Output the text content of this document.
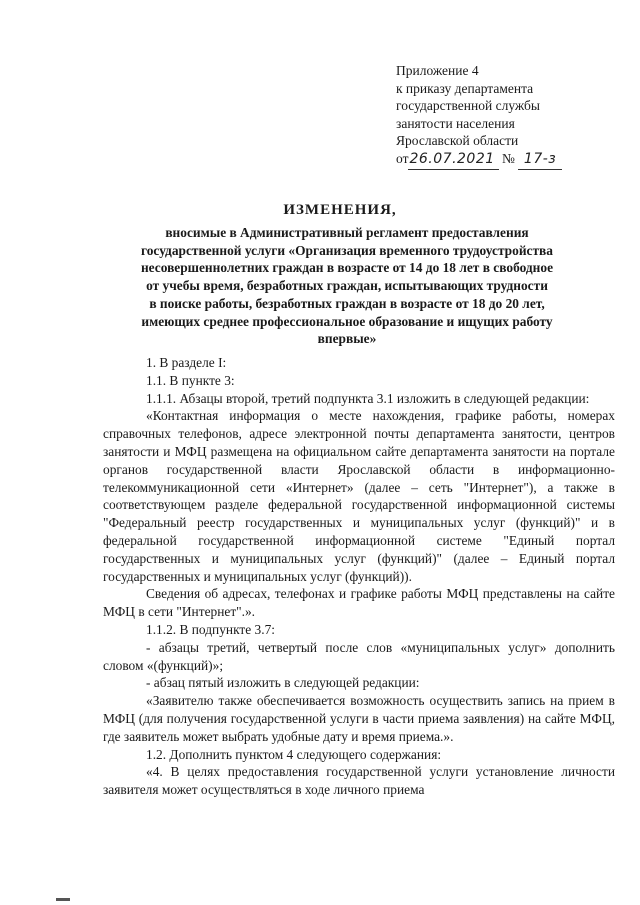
Приложение 4
к приказу департамента
государственной службы
занятости населения
Ярославской области
от26.07.2021 № 17-з
ИЗМЕНЕНИЯ,
вносимые в Административный регламент предоставления
государственной услуги «Организация временного трудоустройства
несовершеннолетних граждан в возрасте от 14 до 18 лет в свободное
от учебы время, безработных граждан, испытывающих трудности
в поиске работы, безработных граждан в возрасте от 18 до 20 лет,
имеющих среднее профессиональное образование и ищущих работу
впервые»

1. В разделе I:

1.1. В пункте 3:

1.1.1. Абзацы второй, третий подпункта 3.1 изложить в следующей редакции:

«Контактная информация о месте нахождения, графике работы, номерах справочных телефонов, адресе электронной почты департамента занятости, центров занятости и МФЦ размещена на официальном сайте департамента занятости на портале органов государственной власти Ярославской области в информационно-телекоммуникационной сети «Интернет» (далее – сеть "Интернет"), а также в соответствующем разделе федеральной государственной информационной системы "Федеральный реестр государственных и муниципальных услуг (функций)" и в федеральной государственной информационной системе "Единый портал государственных и муниципальных услуг (функций)" (далее – Единый портал государственных и муниципальных услуг (функций)).

Сведения об адресах, телефонах и графике работы МФЦ представлены на сайте МФЦ в сети "Интернет".».

1.1.2. В подпункте 3.7:

- абзацы третий, четвертый после слов «муниципальных услуг» дополнить словом «(функций)»;

- абзац пятый изложить в следующей редакции:

«Заявителю также обеспечивается возможность осуществить запись на прием в МФЦ (для получения государственной услуги в части приема заявления) на сайте МФЦ, где заявитель может выбрать удобные дату и время приема.».

1.2. Дополнить пунктом 4 следующего содержания:

«4. В целях предоставления государственной услуги установление личности заявителя может осуществляться в ходе личного приема
